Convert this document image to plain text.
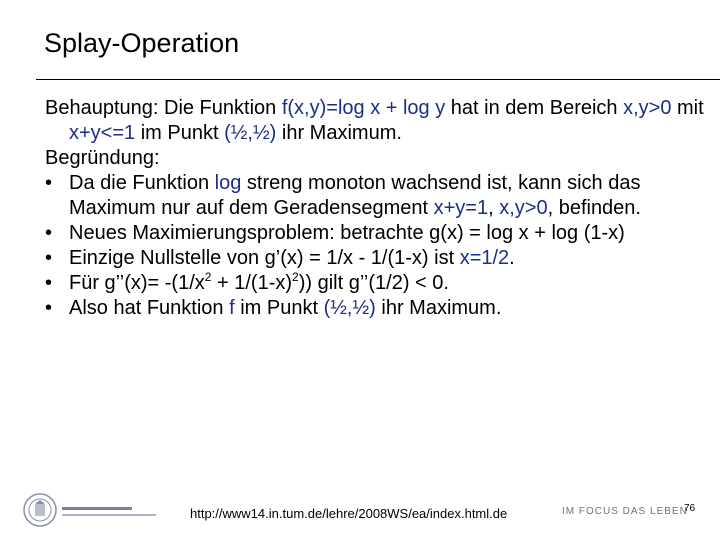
Splay-Operation

Behauptung: Die Funktion f(x,y)=log x + log y hat in dem Bereich x,y>0 mit x+y<=1 im Punkt (½,½) ihr Maximum.

Begründung:

• Da die Funktion log streng monoton wachsend ist, kann sich das Maximum nur auf dem Geradensegment x+y=1, x,y>0, befinden.

• Neues Maximierungsproblem: betrachte g(x) = log x + log (1-x)

• Einzige Nullstelle von g’(x) = 1/x - 1/(1-x) ist x=1/2.

• Für g’’(x)= $-(1/x^2 + 1/(1-x)^2)$) gilt g’’(1/2) < 0.

• Also hat Funktion f im Punkt (½,½) ihr Maximum.

http://www14.in.tum.de/lehre/2008WS/ea/index.html.de	IM FOCUS DAS LEBEN
76
